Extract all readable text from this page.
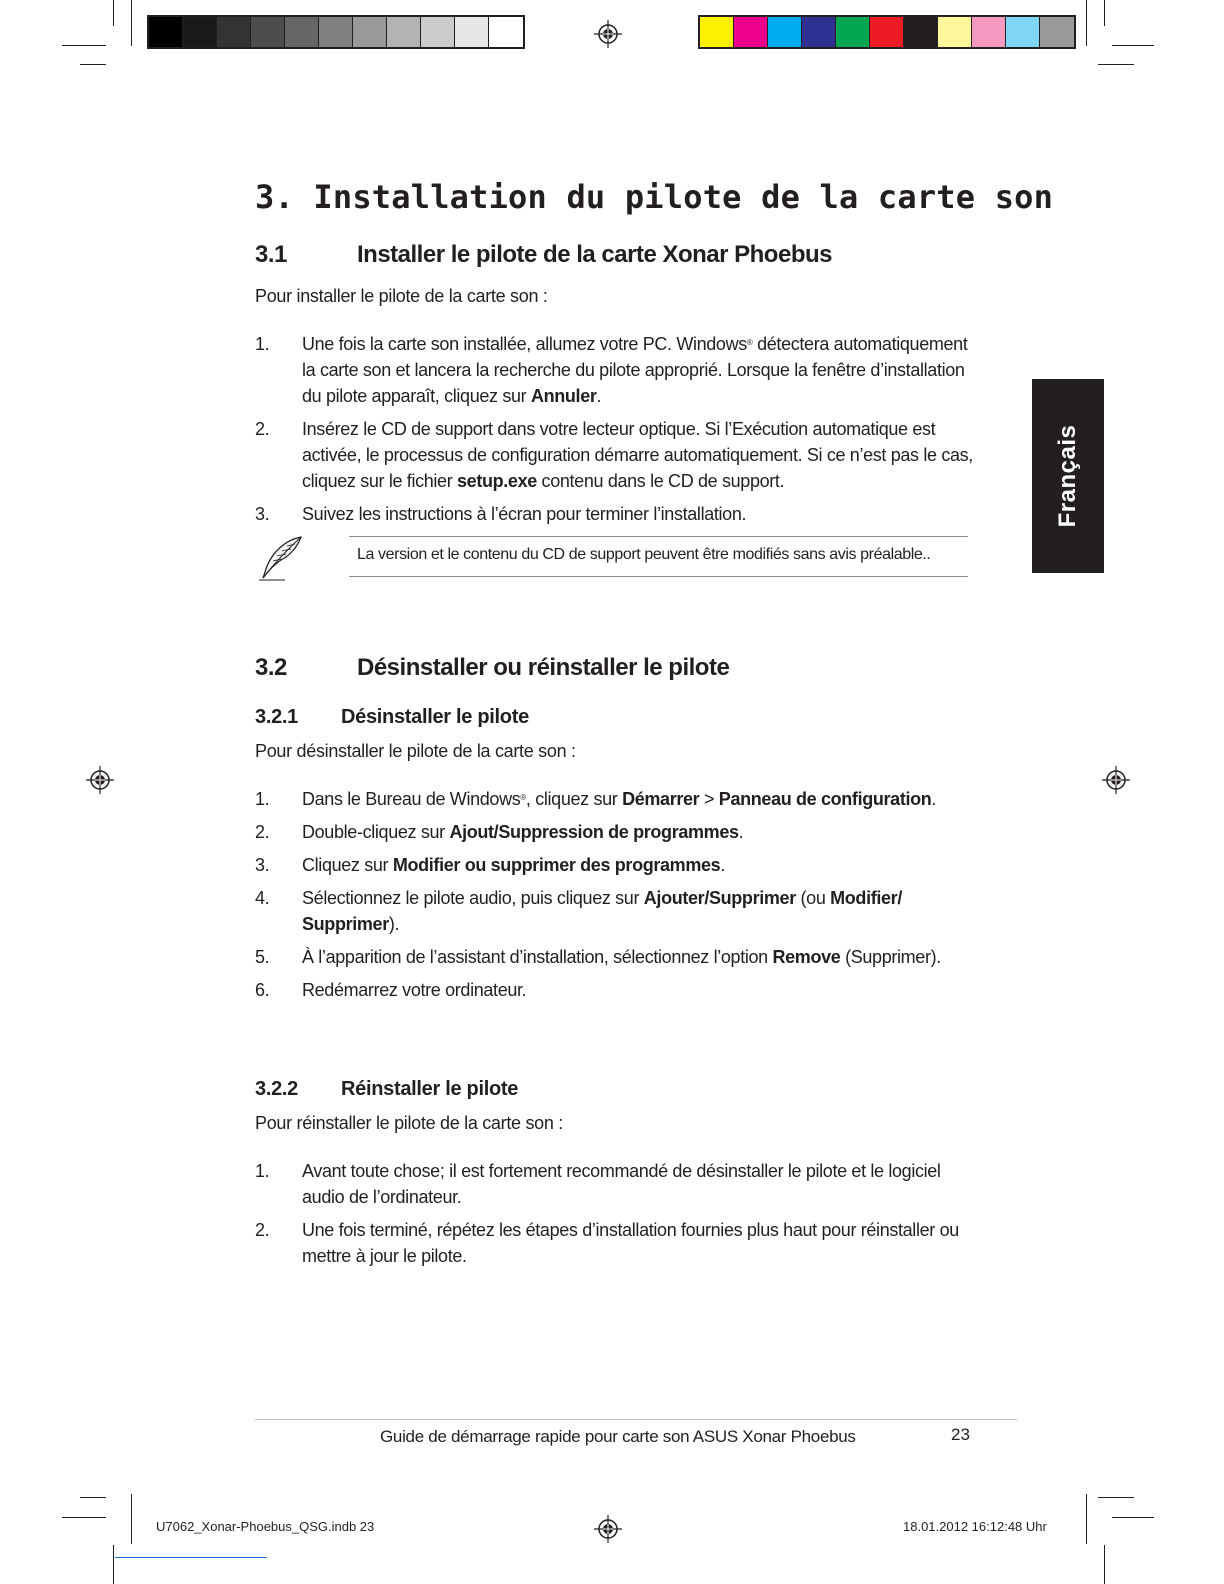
3. Installation du pilote de la carte son
3.1	Installer le pilote de la carte Xonar Phoebus
Pour installer le pilote de la carte son :
1.	Une fois la carte son installée, allumez votre PC. Windows® détectera automatiquement la carte son et lancera la recherche du pilote approprié. Lorsque la fenêtre d’installation du pilote apparaît, cliquez sur Annuler.
2.	Insérez le CD de support dans votre lecteur optique. Si l’Exécution automatique est activée, le processus de configuration démarre automatiquement. Si ce n’est pas le cas, cliquez sur le fichier setup.exe contenu dans le CD de support.
3.	Suivez les instructions à l’écran pour terminer l’installation.
La version et le contenu du CD de support peuvent être modifiés sans avis préalable..
3.2	Désinstaller ou réinstaller le pilote
3.2.1 Désinstaller le pilote
Pour désinstaller le pilote de la carte son :
1.	Dans le Bureau de Windows®, cliquez sur Démarrer > Panneau de configuration.
2.	Double-cliquez sur Ajout/Suppression de programmes.
3.	Cliquez sur Modifier ou supprimer des programmes.
4.	Sélectionnez le pilote audio, puis cliquez sur Ajouter/Supprimer (ou Modifier/ Supprimer).
5.	À l’apparition de l’assistant d’installation, sélectionnez l’option Remove (Supprimer).
6.	Redémarrez votre ordinateur.
3.2.2 Réinstaller le pilote
Pour réinstaller le pilote de la carte son :
1.	Avant toute chose; il est fortement recommandé de désinstaller le pilote et le logiciel audio de l’ordinateur.
2.	Une fois terminé, répétez les étapes d’installation fournies plus haut pour réinstaller ou mettre à jour le pilote.
Français
Guide de démarrage rapide pour carte son ASUS Xonar Phoebus	23
U7062_Xonar-Phoebus_QSG.indb 23	18.01.2012 16:12:48 Uhr
